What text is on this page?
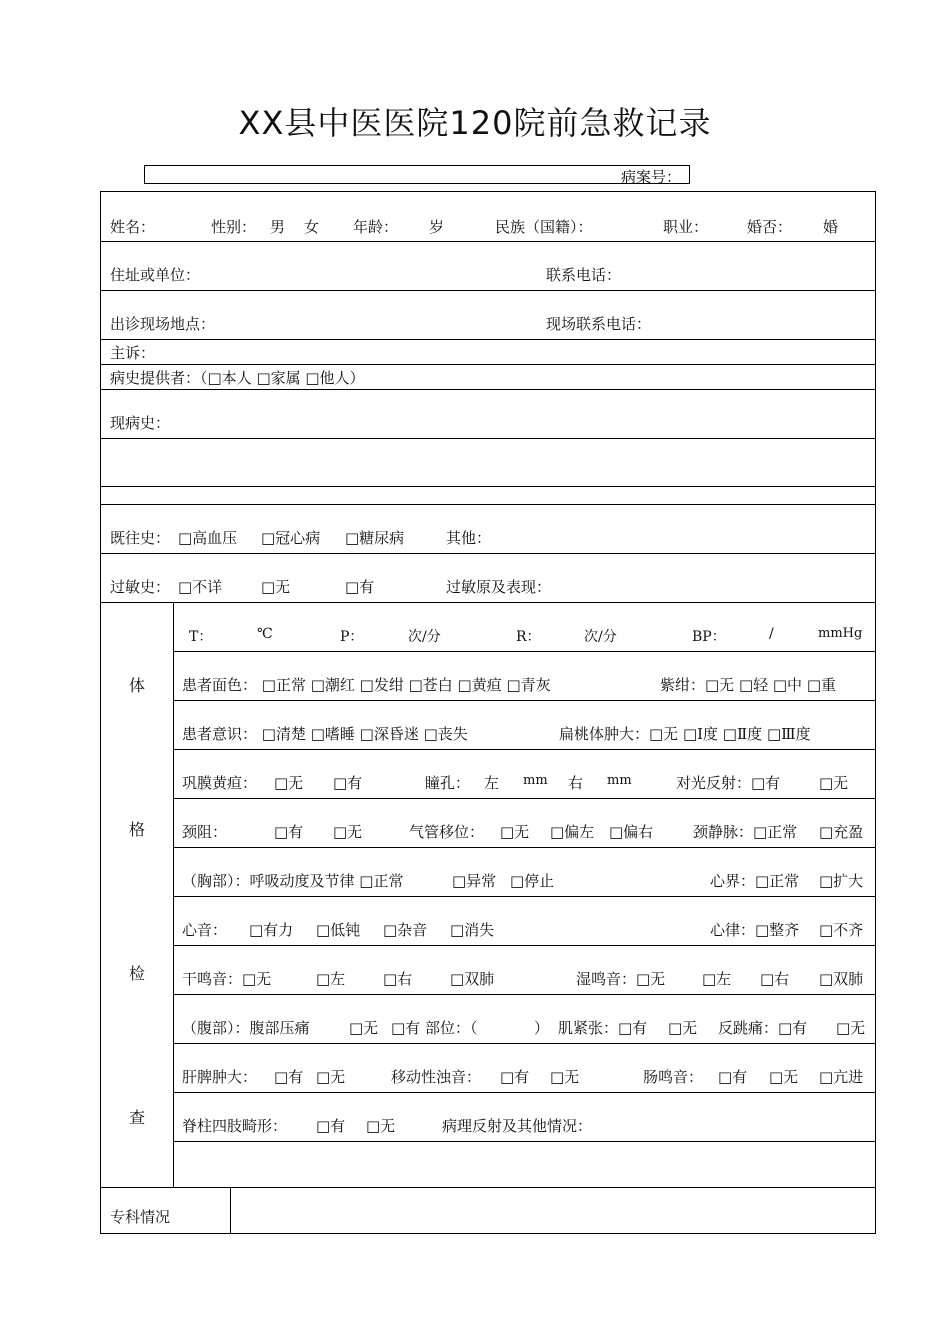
XX县中医医院120院前急救记录
病案号：
姓名：	性别： 男 女 年龄： 岁	民族（国籍）：	职业：	婚否： 婚
住址或单位：	联系电话：
出诊现场地点：	现场联系电话：
主诉：
病史提供者：（□本人 □家属 □他人）
现病史：
既往史： □高血压 □冠心病 □糖尿病	其他：
过敏史： □不详	□无	□有	过敏原及表现：
体
格
检
查
T：	℃	P：	次/分	R：	次/分	BP：	/	mmHg
患者面色： □正常 □潮红 □发绀 □苍白 □黄疸 □青灰	紫绀：□无 □轻 □中 □重
患者意识： □清楚 □嗜睡 □深昏迷 □丧失	扁桃体肿大：□无 □Ⅰ度 □Ⅱ度 □Ⅲ度
巩膜黄疸： □无 □有	瞳孔： 左 mm 右 mm	对光反射：□有	□无
颈阻：	□有 □无	气管移位： □无 □偏左 □偏右	颈静脉：□正常 □充盈
（胸部）：呼吸动度及节律 □正常	□异常 □停止	心界：□正常 □扩大
心音： □有力 □低钝 □杂音 □消失	心律：□整齐 □不齐
干鸣音：□无	□左	□右	□双肺	湿鸣音：□无 □左 □右 □双肺
（腹部）：腹部压痛	□无 □有 部位：（	） 肌紧张：□有 □无 反跳痛：□有 □无
肝脾肿大： □有 □无	移动性浊音： □有 □无	肠鸣音： □有 □无 □亢进
脊柱四肢畸形： □有 □无	病理反射及其他情况：
专科情况
